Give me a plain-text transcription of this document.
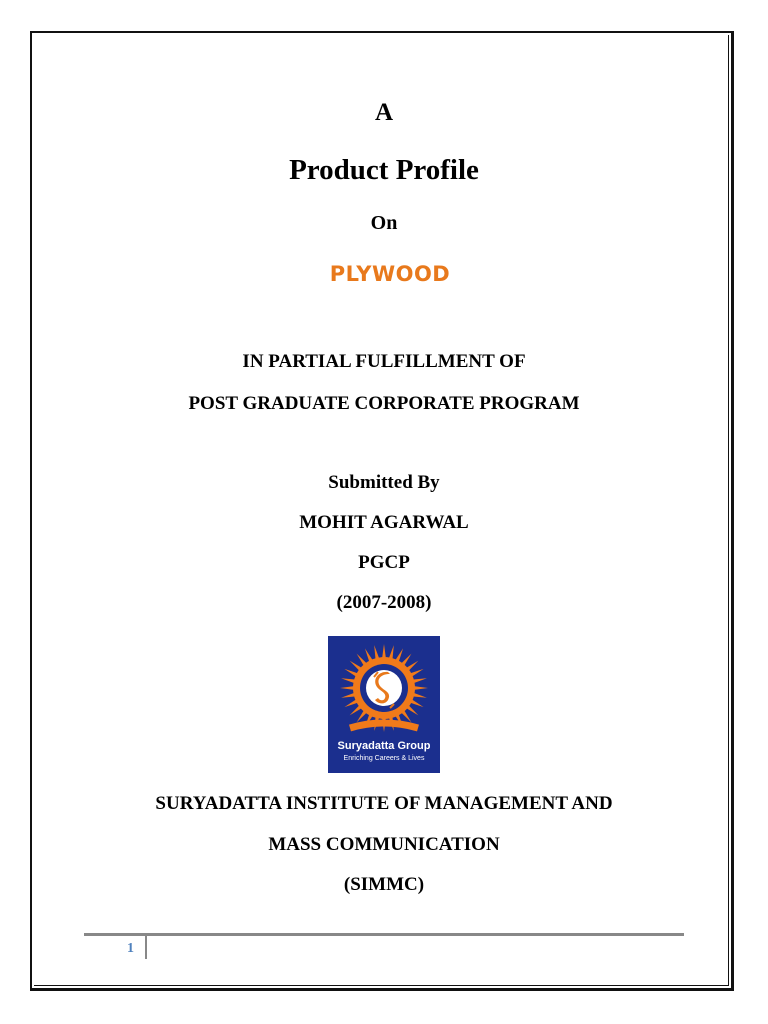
A
Product Profile
On
PLYWOOD
IN PARTIAL FULFILLMENT OF
POST GRADUATE CORPORATE PROGRAM
Submitted By
MOHIT AGARWAL
PGCP
(2007-2008)
Suryadatta Group
Enriching Careers & Lives
SURYADATTA INSTITUTE OF MANAGEMENT AND
MASS COMMUNICATION
(SIMMC)
1
